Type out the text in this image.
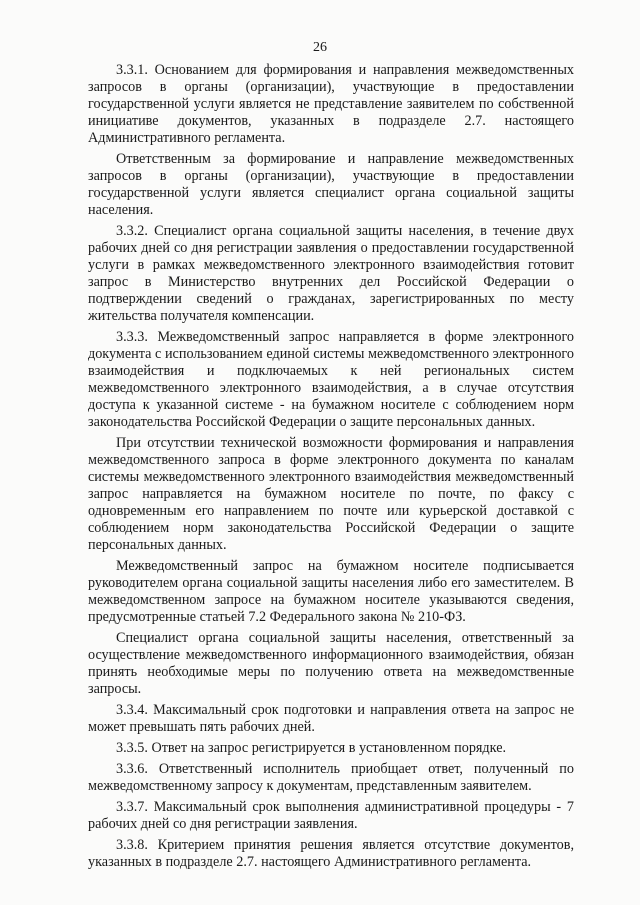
26

3.3.1. Основанием для формирования и направления межведомственных запросов в органы (организации), участвующие в предоставлении государственной услуги является не представление заявителем по собственной инициативе документов, указанных в подразделе 2.7. настоящего Административного регламента.

Ответственным за формирование и направление межведомственных запросов в органы (организации), участвующие в предоставлении государственной услуги является специалист органа социальной защиты населения.

3.3.2. Специалист органа социальной защиты населения, в течение двух рабочих дней со дня регистрации заявления о предоставлении государственной услуги в рамках межведомственного электронного взаимодействия готовит запрос в Министерство внутренних дел Российской Федерации о подтверждении сведений о гражданах, зарегистрированных по месту жительства получателя компенсации.

3.3.3. Межведомственный запрос направляется в форме электронного документа с использованием единой системы межведомственного электронного взаимодействия и подключаемых к ней региональных систем межведомственного электронного взаимодействия, а в случае отсутствия доступа к указанной системе - на бумажном носителе с соблюдением норм законодательства Российской Федерации о защите персональных данных.

При отсутствии технической возможности формирования и направления межведомственного запроса в форме электронного документа по каналам системы межведомственного электронного взаимодействия межведомственный запрос направляется на бумажном носителе по почте, по факсу с одновременным его направлением по почте или курьерской доставкой с соблюдением норм законодательства Российской Федерации о защите персональных данных.

Межведомственный запрос на бумажном носителе подписывается руководителем органа социальной защиты населения либо его заместителем. В межведомственном запросе на бумажном носителе указываются сведения, предусмотренные статьей 7.2 Федерального закона № 210-ФЗ.

Специалист органа социальной защиты населения, ответственный за осуществление межведомственного информационного взаимодействия, обязан принять необходимые меры по получению ответа на межведомственные запросы.

3.3.4. Максимальный срок подготовки и направления ответа на запрос не может превышать пять рабочих дней.

3.3.5. Ответ на запрос регистрируется в установленном порядке.

3.3.6. Ответственный исполнитель приобщает ответ, полученный по межведомственному запросу к документам, представленным заявителем.

3.3.7. Максимальный срок выполнения административной процедуры - 7 рабочих дней со дня регистрации заявления.

3.3.8. Критерием принятия решения является отсутствие документов, указанных в подразделе 2.7. настоящего Административного регламента.
